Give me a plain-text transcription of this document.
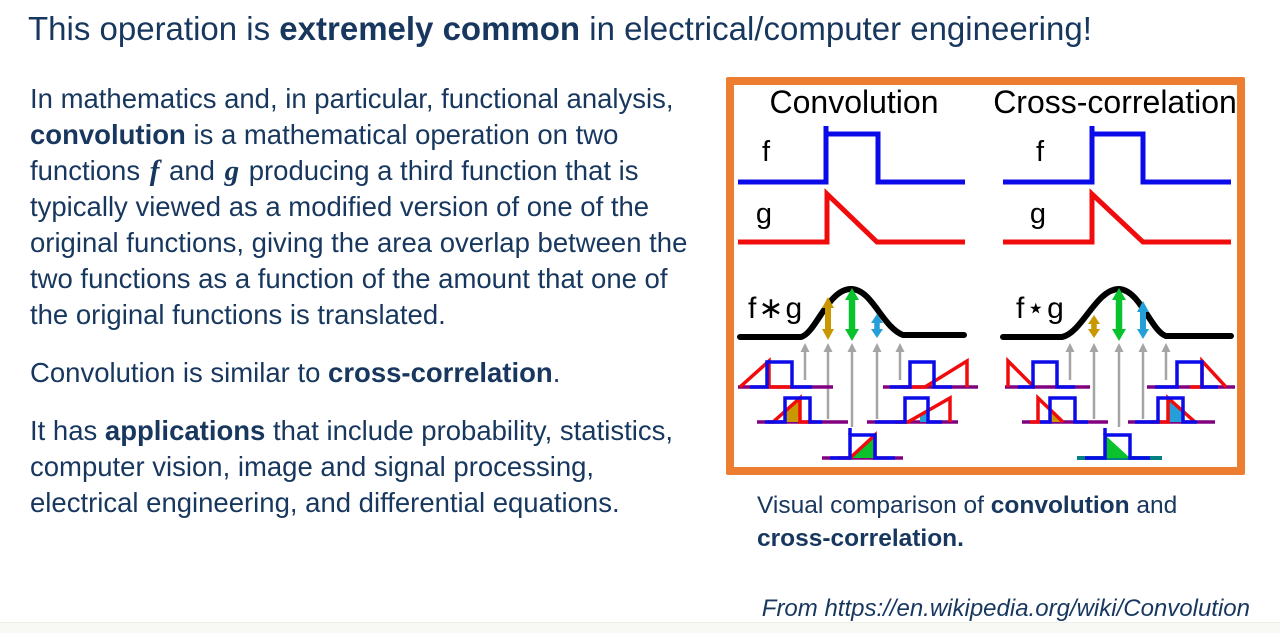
This operation is extremely common in electrical/computer engineering!

In mathematics and, in particular, functional analysis, convolution is a mathematical operation on two functions f and g producing a third function that is typically viewed as a modified version of one of the original functions, giving the area overlap between the two functions as a function of the amount that one of the original functions is translated.

Convolution is similar to cross-correlation.

It has applications that include probability, statistics, computer vision, image and signal processing, electrical engineering, and differential equations.

Convolution
f
g
f∗g
Cross-correlation
f
g
f⋆g
Visual comparison of convolution and cross-correlation.
From https://en.wikipedia.org/wiki/Convolution
